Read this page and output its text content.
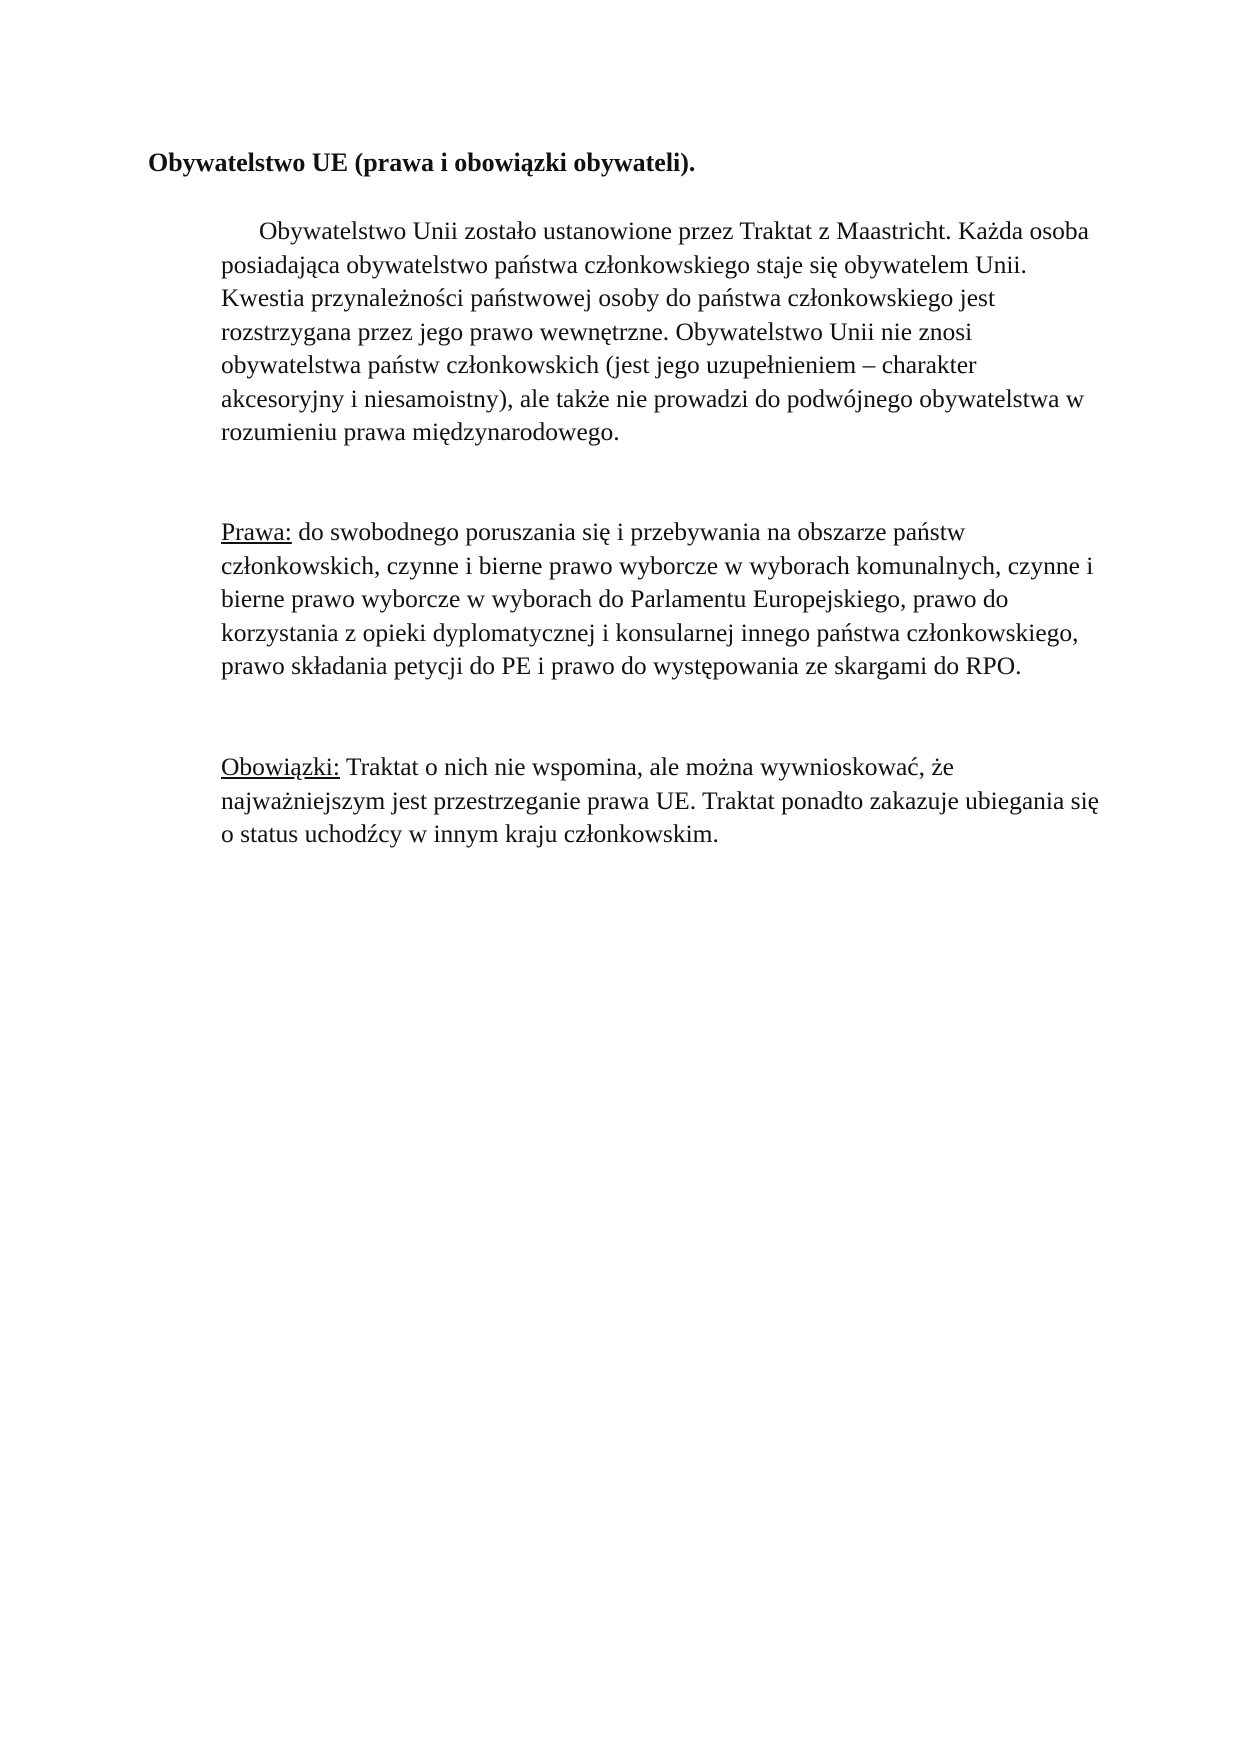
Obywatelstwo UE (prawa i obowiązki obywateli).

Obywatelstwo Unii zostało ustanowione przez Traktat z Maastricht. Każda osoba posiadająca obywatelstwo państwa członkowskiego staje się obywatelem Unii. Kwestia przynależności państwowej osoby do państwa członkowskiego jest rozstrzygana przez jego prawo wewnętrzne. Obywatelstwo Unii nie znosi obywatelstwa państw członkowskich (jest jego uzupełnieniem – charakter akcesoryjny i niesamoistny), ale także nie prowadzi do podwójnego obywatelstwa w rozumieniu prawa międzynarodowego.

Prawa: do swobodnego poruszania się i przebywania na obszarze państw członkowskich, czynne i bierne prawo wyborcze w wyborach komunalnych, czynne i bierne prawo wyborcze w wyborach do Parlamentu Europejskiego, prawo do korzystania z opieki dyplomatycznej i konsularnej innego państwa członkowskiego, prawo składania petycji do PE i prawo do występowania ze skargami do RPO.

Obowiązki: Traktat o nich nie wspomina, ale można wywnioskować, że najważniejszym jest przestrzeganie prawa UE. Traktat ponadto zakazuje ubiegania się o status uchodźcy w innym kraju członkowskim.
